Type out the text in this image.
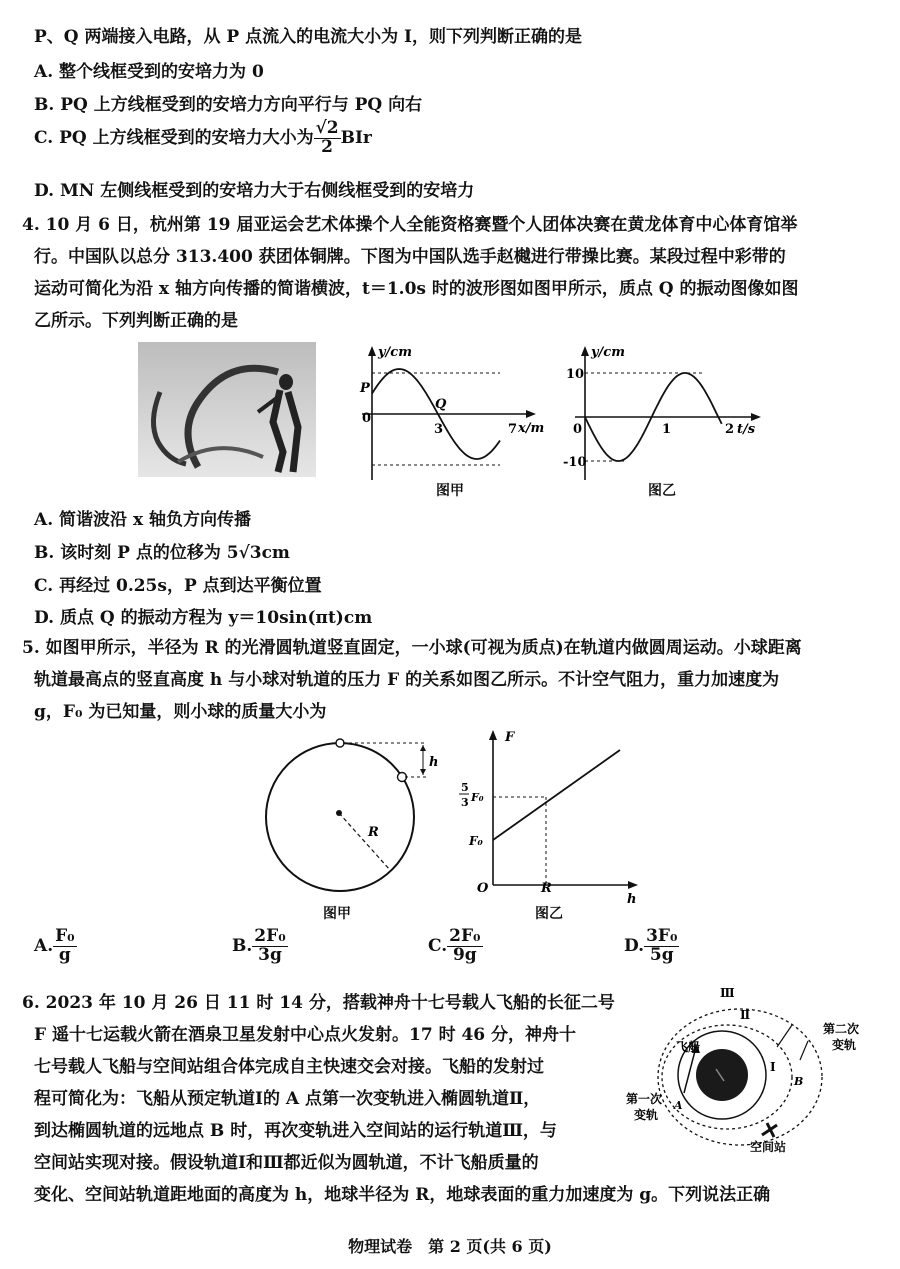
P、Q 两端接入电路，从 P 点流入的电流大小为 I，则下列判断正确的是
A. 整个线框受到的安培力为 0
B. PQ 上方线框受到的安培力方向平行与 PQ 向右
C. PQ 上方线框受到的安培力大小为 $\frac{√2}{2}$ BIr
D. MN 左侧线框受到的安培力大于右侧线框受到的安培力
4. 10 月 6 日，杭州第 19 届亚运会艺术体操个人全能资格赛暨个人团体决赛在黄龙体育中心体育馆举
行。中国队以总分 313.400 获团体铜牌。下图为中国队选手赵樾进行带操比赛。某段过程中彩带的
运动可简化为沿 x 轴方向传播的简谐横波，t＝1.0s 时的波形图如图甲所示，质点 Q 的振动图像如图
乙所示。下列判断正确的是
y/cm
x/m
P
0
Q
3	7
图甲
y/cm
t/s
10
-10
0	1	2
图乙
A. 简谐波沿 x 轴负方向传播
B. 该时刻 P 点的位移为 5√3cm
C. 再经过 0.25s，P 点到达平衡位置
D. 质点 Q 的振动方程为 y＝10sin(πt)cm
5. 如图甲所示，半径为 R 的光滑圆轨道竖直固定，一小球(可视为质点)在轨道内做圆周运动。小球距离
轨道最高点的竖直高度 h 与小球对轨道的压力 F 的关系如图乙所示。不计空气阻力，重力加速度为
g，F₀ 为已知量，则小球的质量大小为
h
R
图甲
F
h
O	R
F₀
5
3 F₀
图乙
A. $\frac{\text{F₀}}{g}$	B. $\frac{\text{2F₀}}{3g}$	C. $\frac{\text{2F₀}}{9g}$	D. $\frac{\text{3F₀}}{5g}$
6. 2023 年 10 月 26 日 11 时 14 分，搭载神舟十七号载人飞船的长征二号
F 遥十七运载火箭在酒泉卫星发射中心点火发射。17 时 46 分，神舟十
七号载人飞船与空间站组合体完成自主快速交会对接。飞船的发射过
程可简化为：飞船从预定轨道Ⅰ的 A 点第一次变轨进入椭圆轨道Ⅱ，
到达椭圆轨道的远地点 B 时，再次变轨进入空间站的运行轨道Ⅲ，与
空间站实现对接。假设轨道Ⅰ和Ⅲ都近似为圆轨道，不计飞船质量的
变化、空间站轨道距地面的高度为 h，地球半径为 R，地球表面的重力加速度为 g。下列说法正确
Ⅲ
Ⅱ
Ⅰ
飞船
第一次
变轨
第二次
变轨
空间站
A
B
物理试卷　第 2 页(共 6 页)
